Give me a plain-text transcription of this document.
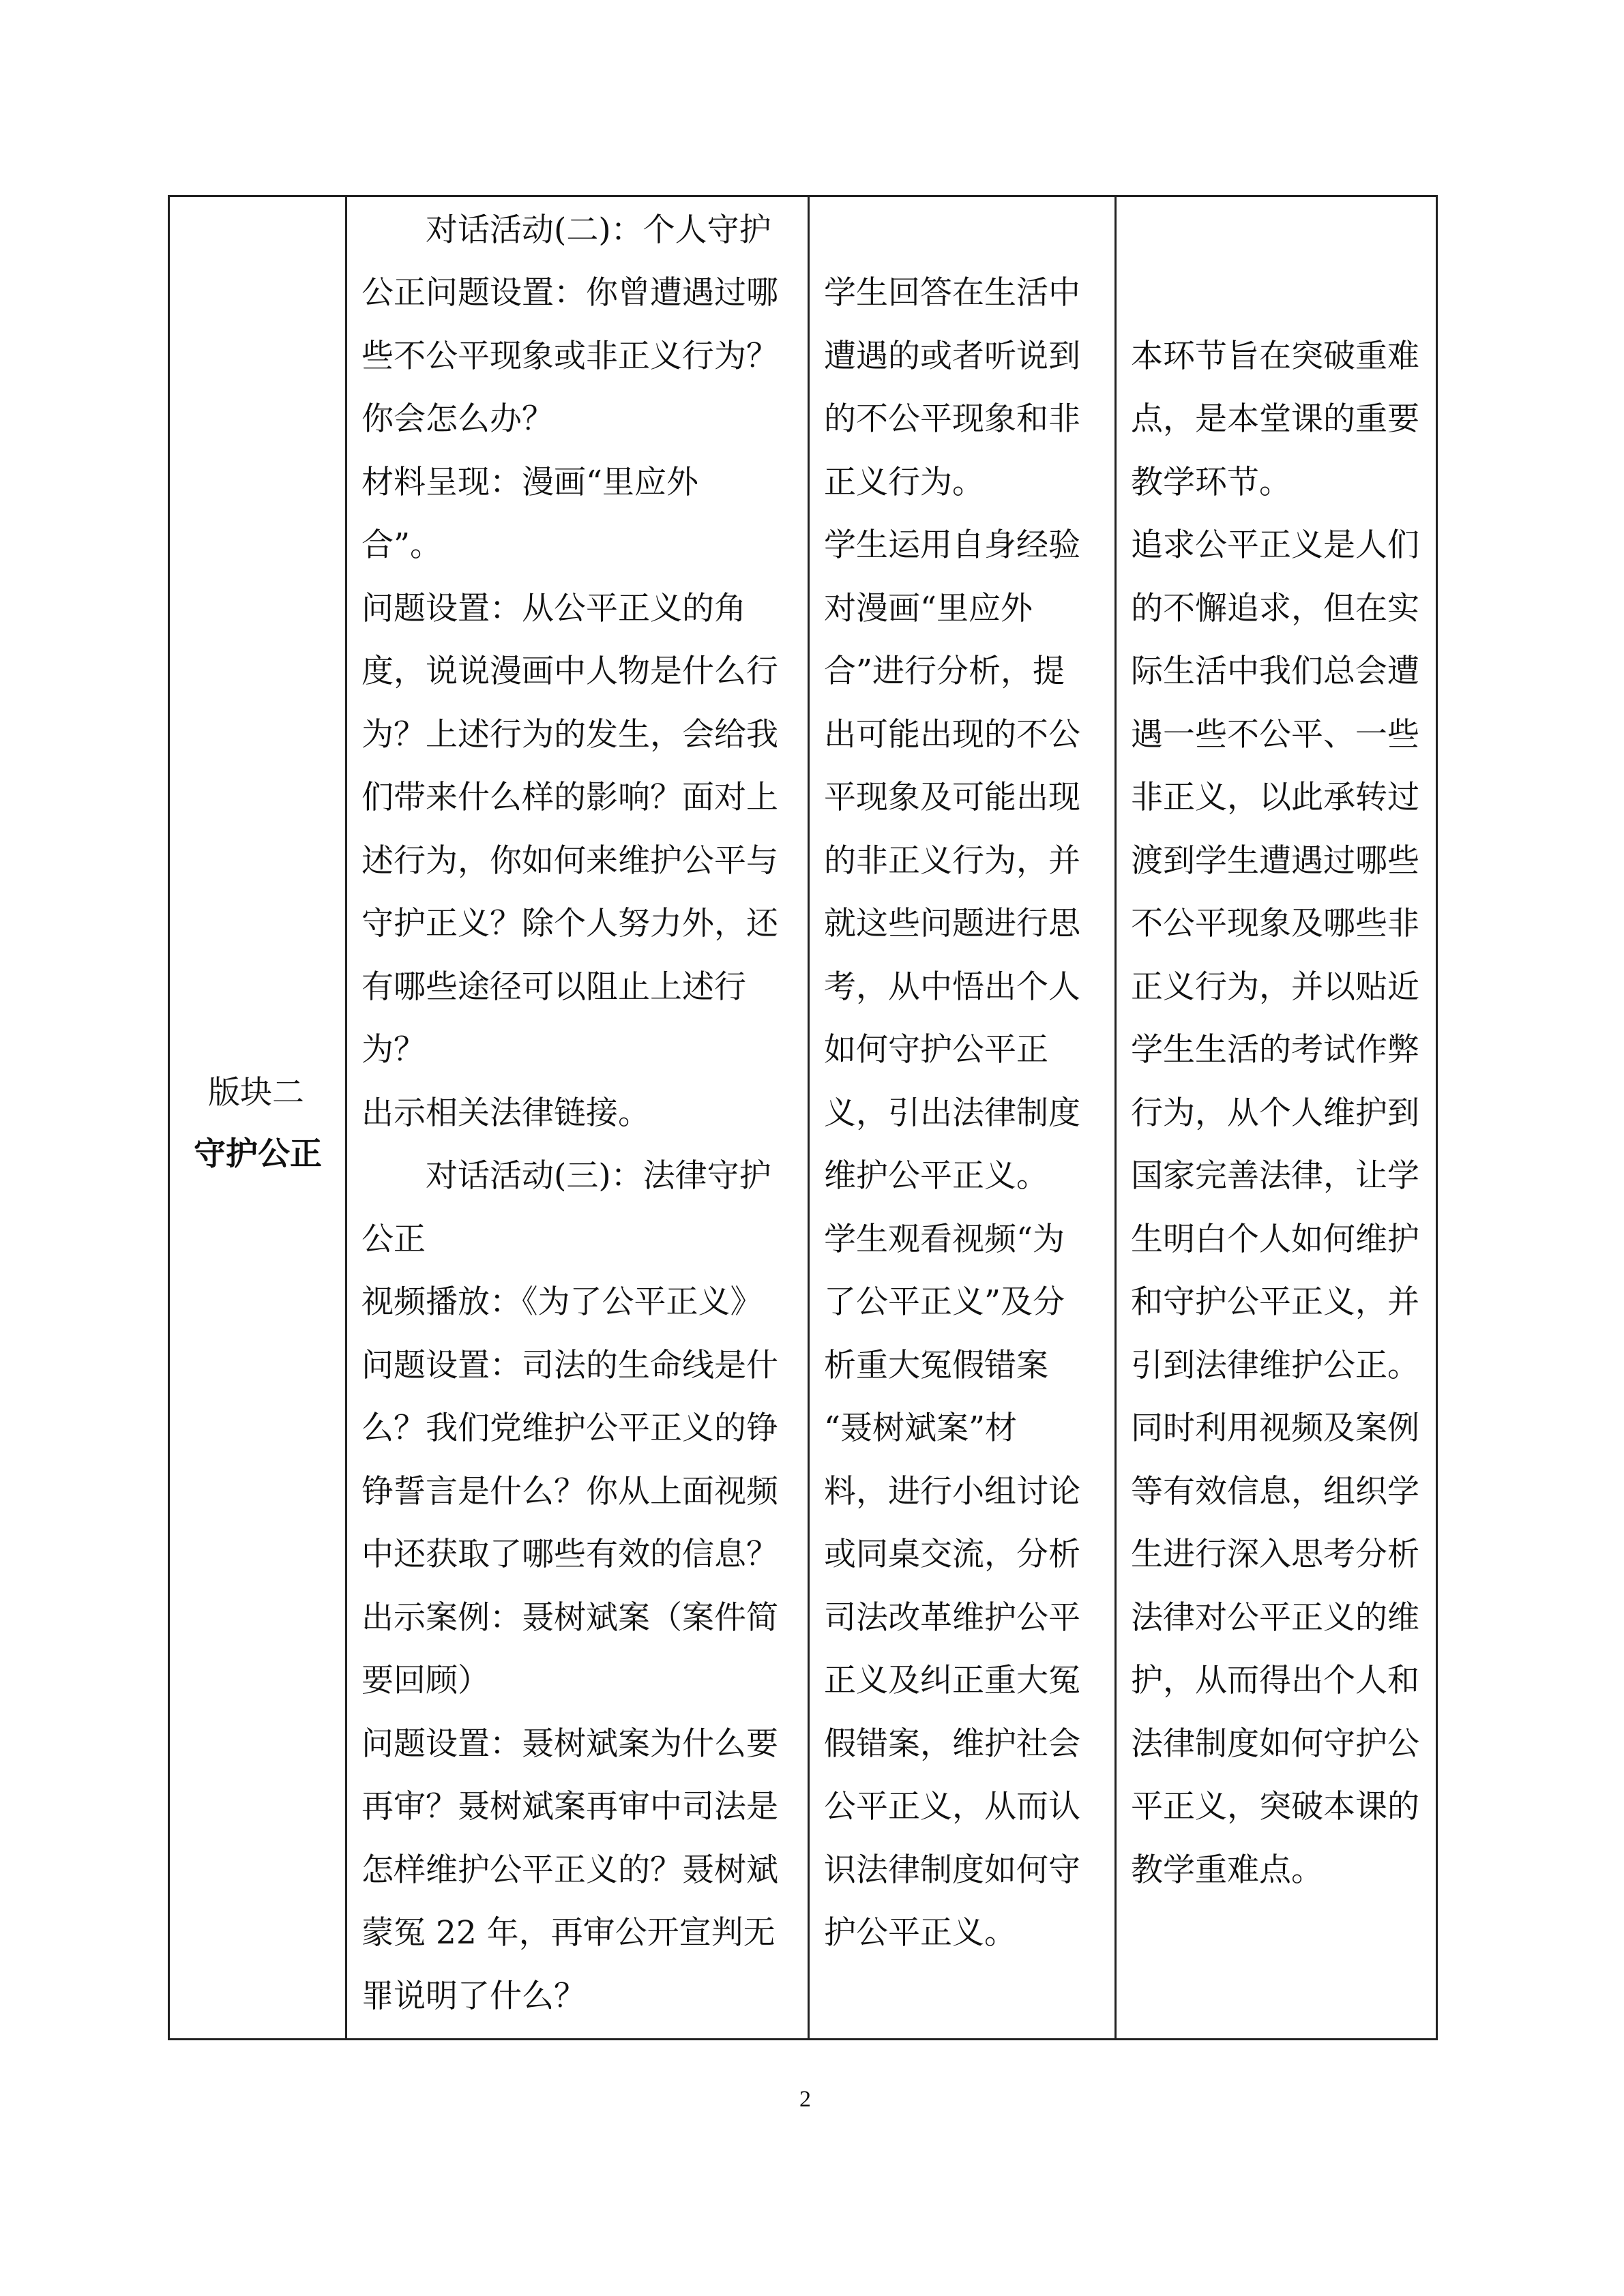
版块二
守护公正
对话活动(二)：个人守护
公正问题设置：你曾遭遇过哪
些不公平现象或非正义行为？
你会怎么办？
材料呈现：漫画“里应外
合”。
问题设置：从公平正义的角
度，说说漫画中人物是什么行
为？上述行为的发生，会给我
们带来什么样的影响？面对上
述行为，你如何来维护公平与
守护正义？除个人努力外，还
有哪些途径可以阻止上述行
为？
出示相关法律链接。
对话活动(三)：法律守护
公正
视频播放：《为了公平正义》
问题设置：司法的生命线是什
么？我们党维护公平正义的铮
铮誓言是什么？你从上面视频
中还获取了哪些有效的信息？
出示案例：聂树斌案（案件简
要回顾）
问题设置：聂树斌案为什么要
再审？聂树斌案再审中司法是
怎样维护公平正义的？聂树斌
蒙冤 22 年，再审公开宣判无
罪说明了什么？
学生回答在生活中
遭遇的或者听说到
的不公平现象和非
正义行为。
学生运用自身经验
对漫画“里应外
合”进行分析，提
出可能出现的不公
平现象及可能出现
的非正义行为，并
就这些问题进行思
考，从中悟出个人
如何守护公平正
义，引出法律制度
维护公平正义。
学生观看视频“为
了公平正义”及分
析重大冤假错案
“聂树斌案”材
料，进行小组讨论
或同桌交流，分析
司法改革维护公平
正义及纠正重大冤
假错案，维护社会
公平正义，从而认
识法律制度如何守
护公平正义。
本环节旨在突破重难
点，是本堂课的重要
教学环节。
追求公平正义是人们
的不懈追求，但在实
际生活中我们总会遭
遇一些不公平、一些
非正义，以此承转过
渡到学生遭遇过哪些
不公平现象及哪些非
正义行为，并以贴近
学生生活的考试作弊
行为，从个人维护到
国家完善法律，让学
生明白个人如何维护
和守护公平正义，并
引到法律维护公正。
同时利用视频及案例
等有效信息，组织学
生进行深入思考分析
法律对公平正义的维
护，从而得出个人和
法律制度如何守护公
平正义，突破本课的
教学重难点。
2
